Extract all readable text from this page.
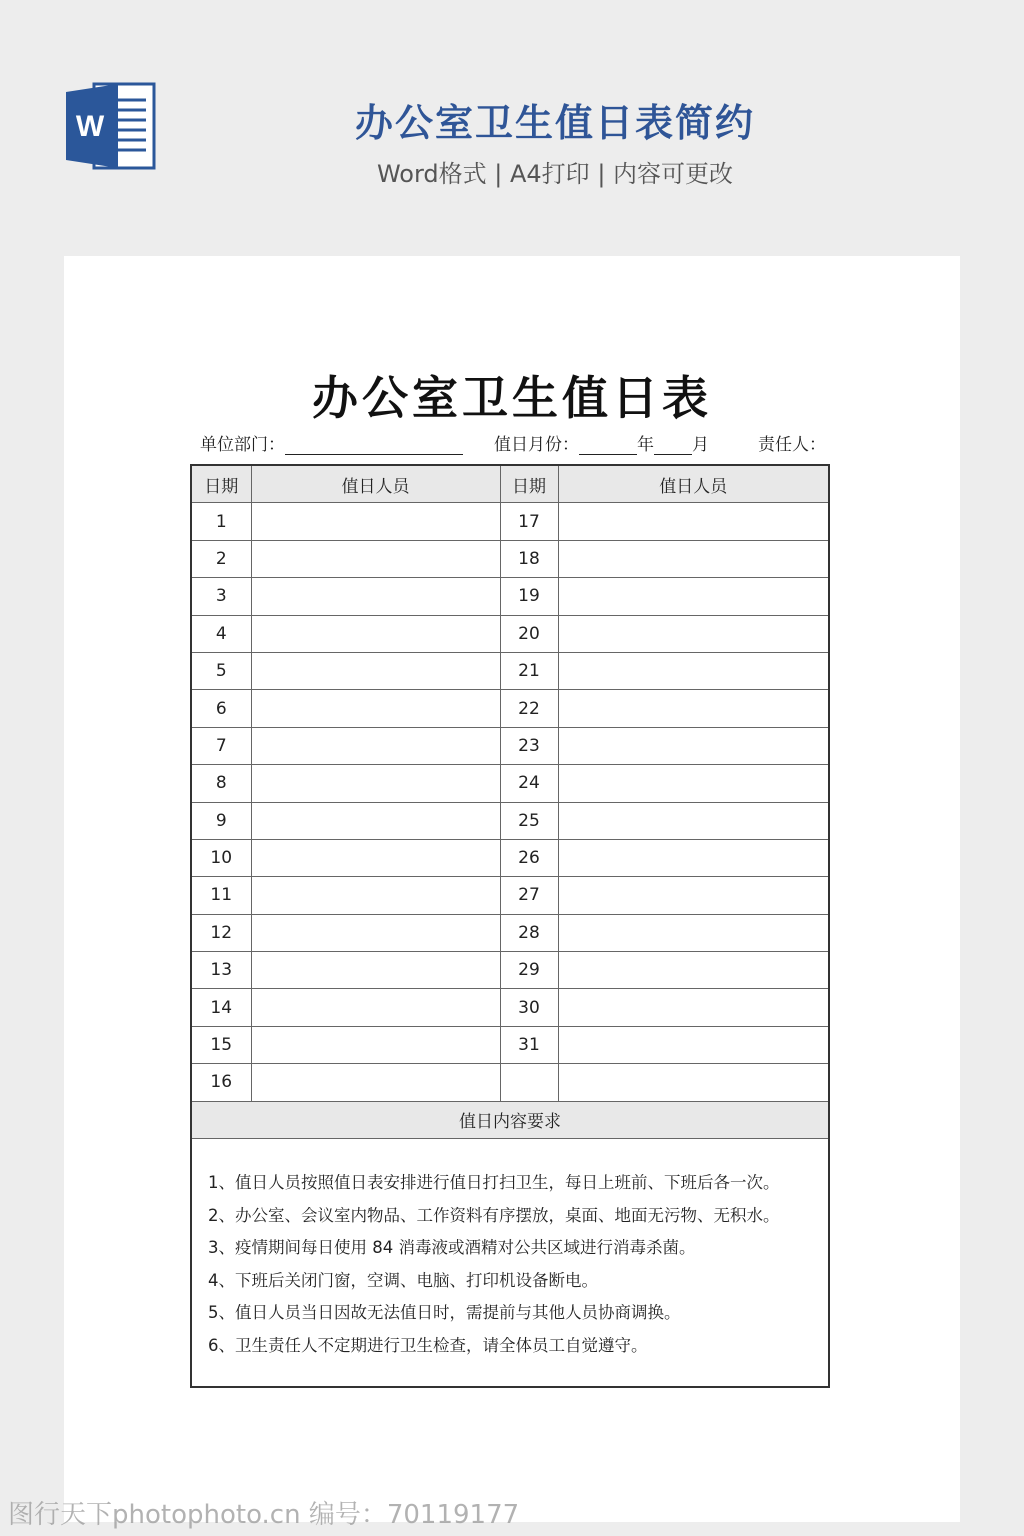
W	办公室卫生值日表简约
Word格式 | A4打印 | 内容可更改
办公室卫生值日表
单位部门：	值日月份：	年 月	责任人：
日期	值日人员	日期	值日人员
1		17	
2		18	
3		19	
4		20	
5		21	
6		22	
7		23	
8		24	
9		25	
10		26	
11		27	
12		28	
13		29	
14		30	
15		31	
16			
值日内容要求			
1、值日人员按照值日表安排进行值日打扫卫生，每日上班前、下班后各一次。
2、办公室、会议室内物品、工作资料有序摆放，桌面、地面无污物、无积水。
3、疫情期间每日使用 84 消毒液或酒精对公共区域进行消毒杀菌。
4、下班后关闭门窗，空调、电脑、打印机设备断电。
5、值日人员当日因故无法值日时，需提前与其他人员协商调换。
6、卫生责任人不定期进行卫生检查，请全体员工自觉遵守。
图行天下photophoto.cn 编号：70119177
